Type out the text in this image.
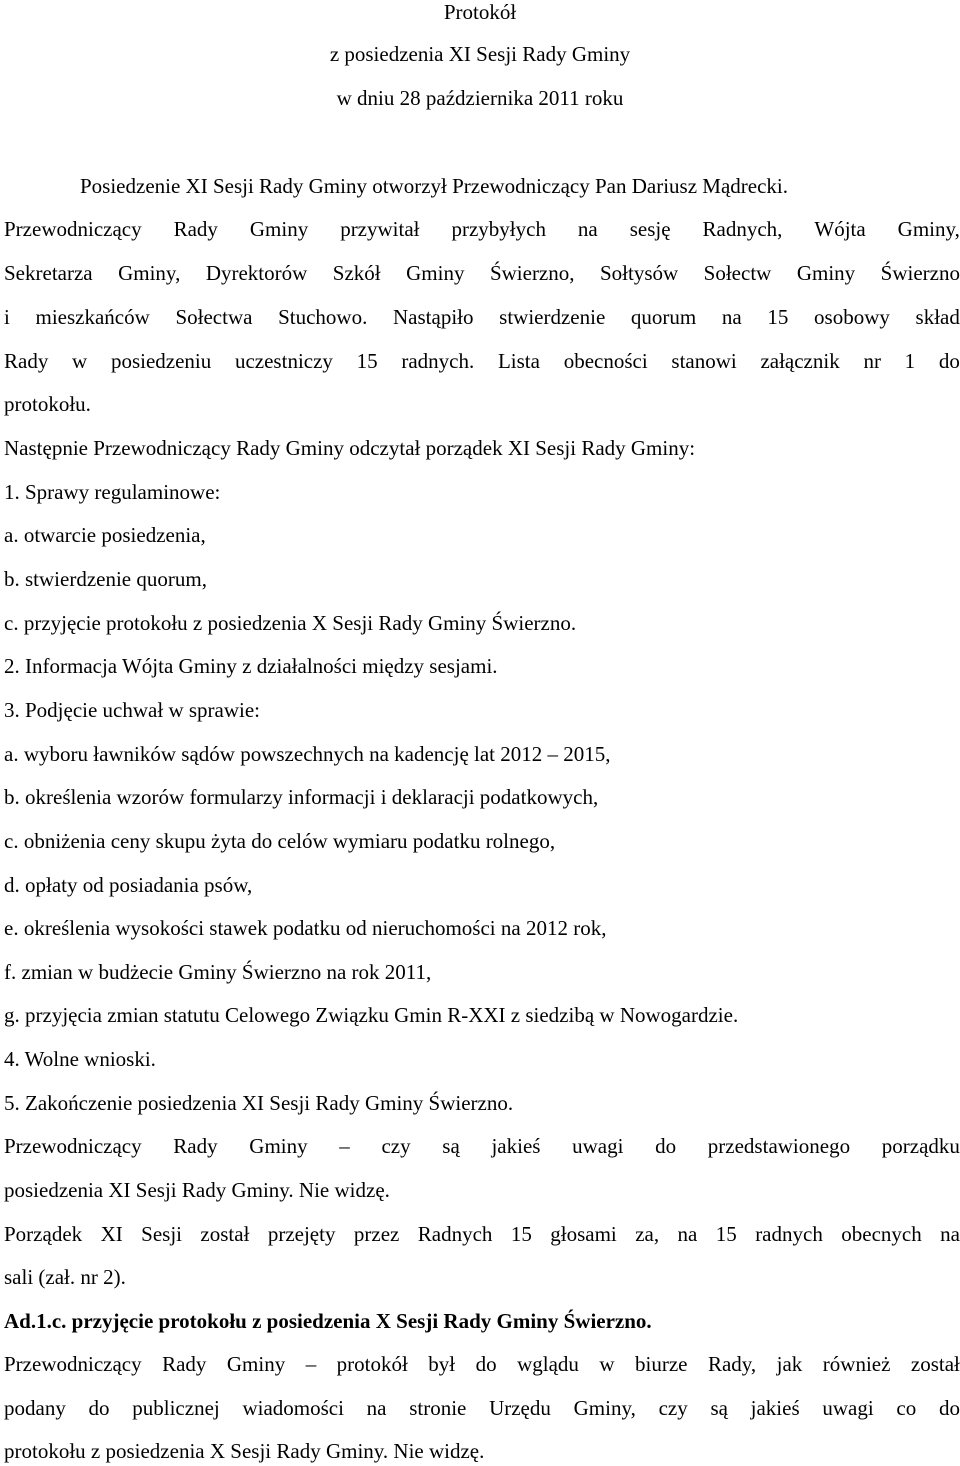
Protokół
z posiedzenia XI Sesji Rady Gminy
w dniu 28 października 2011 roku
Posiedzenie XI Sesji Rady Gminy otworzył Przewodniczący Pan Dariusz Mądrecki.
Przewodniczący Rady Gminy przywitał przybyłych na sesję Radnych, Wójta Gminy,
Sekretarza Gminy, Dyrektorów Szkół Gminy Świerzno, Sołtysów Sołectw Gminy Świerzno
i mieszkańców Sołectwa Stuchowo. Nastąpiło stwierdzenie quorum na 15 osobowy skład
Rady w posiedzeniu uczestniczy 15 radnych. Lista obecności stanowi załącznik nr 1 do
protokołu.
Następnie Przewodniczący Rady Gminy odczytał porządek XI Sesji Rady Gminy:
1. Sprawy regulaminowe:
a. otwarcie posiedzenia,
b. stwierdzenie quorum,
c. przyjęcie protokołu z posiedzenia X Sesji Rady Gminy Świerzno.
2. Informacja Wójta Gminy z działalności między sesjami.
3. Podjęcie uchwał w sprawie:
a. wyboru ławników sądów powszechnych na kadencję lat 2012 – 2015,
b. określenia wzorów formularzy informacji i deklaracji podatkowych,
c. obniżenia ceny skupu żyta do celów wymiaru podatku rolnego,
d. opłaty od posiadania psów,
e. określenia wysokości stawek podatku od nieruchomości na 2012 rok,
f. zmian w budżecie Gminy Świerzno na rok 2011,
g. przyjęcia zmian statutu Celowego Związku Gmin R-XXI z siedzibą w Nowogardzie.
4. Wolne wnioski.
5. Zakończenie posiedzenia XI Sesji Rady Gminy Świerzno.
Przewodniczący Rady Gminy – czy są jakieś uwagi do przedstawionego porządku
posiedzenia XI Sesji Rady Gminy. Nie widzę.
Porządek XI Sesji został przejęty przez Radnych 15 głosami za, na 15 radnych obecnych na
sali (zał. nr 2).
Ad.1.c. przyjęcie protokołu z posiedzenia X Sesji Rady Gminy Świerzno.
Przewodniczący Rady Gminy – protokół był do wglądu w biurze Rady, jak również został
podany do publicznej wiadomości na stronie Urzędu Gminy, czy są jakieś uwagi co do
protokołu z posiedzenia X Sesji Rady Gminy. Nie widzę.
